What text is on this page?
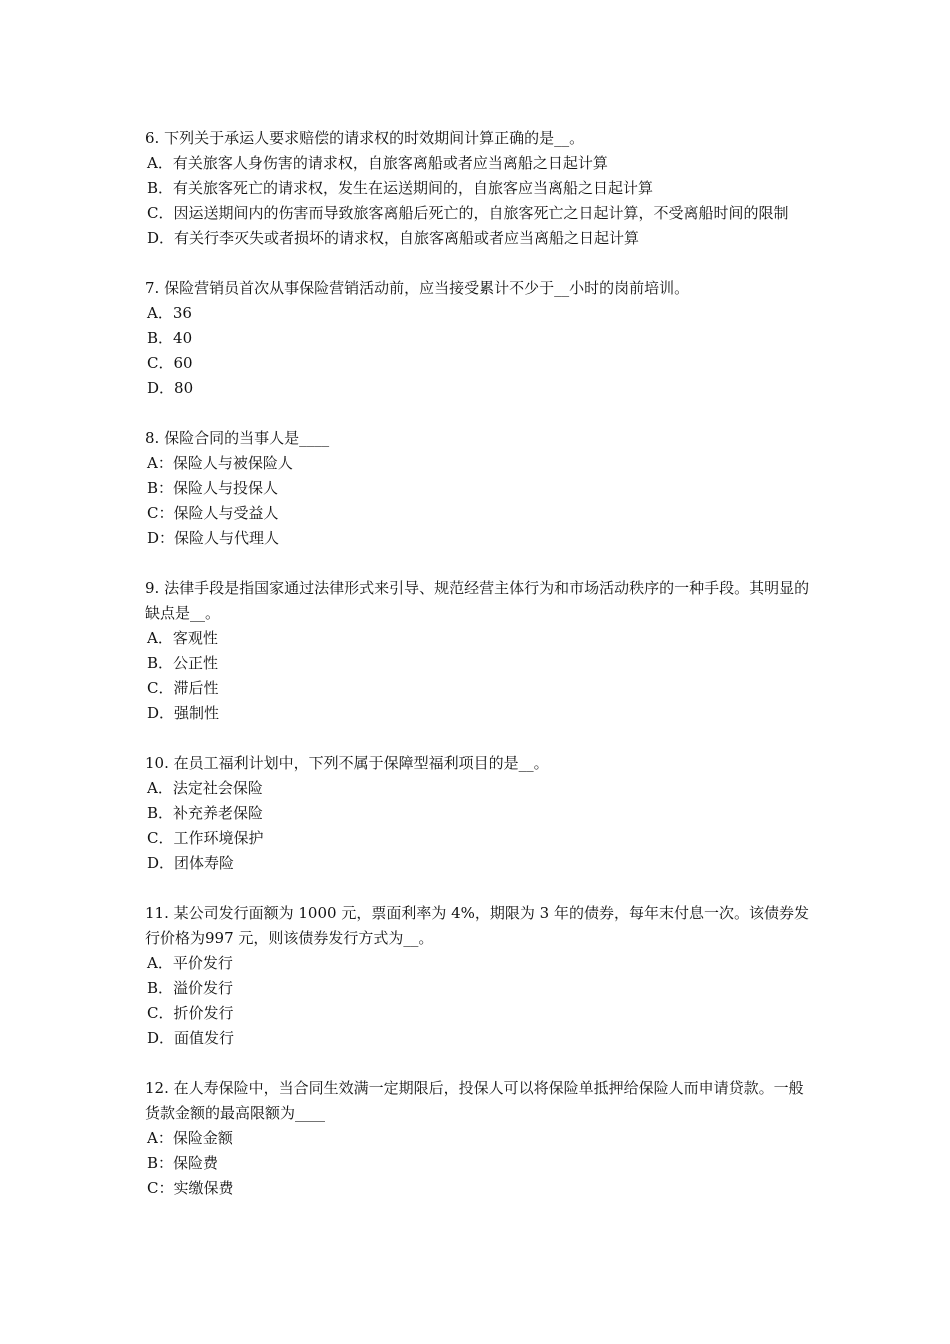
6. 下列关于承运人要求赔偿的请求权的时效期间计算正确的是__。

A．有关旅客人身伤害的请求权，自旅客离船或者应当离船之日起计算

B．有关旅客死亡的请求权，发生在运送期间的，自旅客应当离船之日起计算

C．因运送期间内的伤害而导致旅客离船后死亡的，自旅客死亡之日起计算，不受离船时间的限制

D．有关行李灭失或者损坏的请求权，自旅客离船或者应当离船之日起计算

7. 保险营销员首次从事保险营销活动前，应当接受累计不少于__小时的岗前培训。

A．36

B．40

C．60

D．80

8. 保险合同的当事人是____

A：保险人与被保险人

B：保险人与投保人

C：保险人与受益人

D：保险人与代理人

9. 法律手段是指国家通过法律形式来引导、规范经营主体行为和市场活动秩序的一种手段。其明显的缺点是__。

A．客观性

B．公正性

C．滞后性

D．强制性

10. 在员工福利计划中，下列不属于保障型福利项目的是__。

A．法定社会保险

B．补充养老保险

C．工作环境保护

D．团体寿险

11. 某公司发行面额为 1000 元，票面利率为 4%，期限为 3 年的债券，每年末付息一次。该债券发行价格为997 元，则该债券发行方式为__。

A．平价发行

B．溢价发行

C．折价发行

D．面值发行

12. 在人寿保险中，当合同生效满一定期限后，投保人可以将保险单抵押给保险人而申请贷款。一般货款金额的最高限额为____

A：保险金额

B：保险费

C：实缴保费
